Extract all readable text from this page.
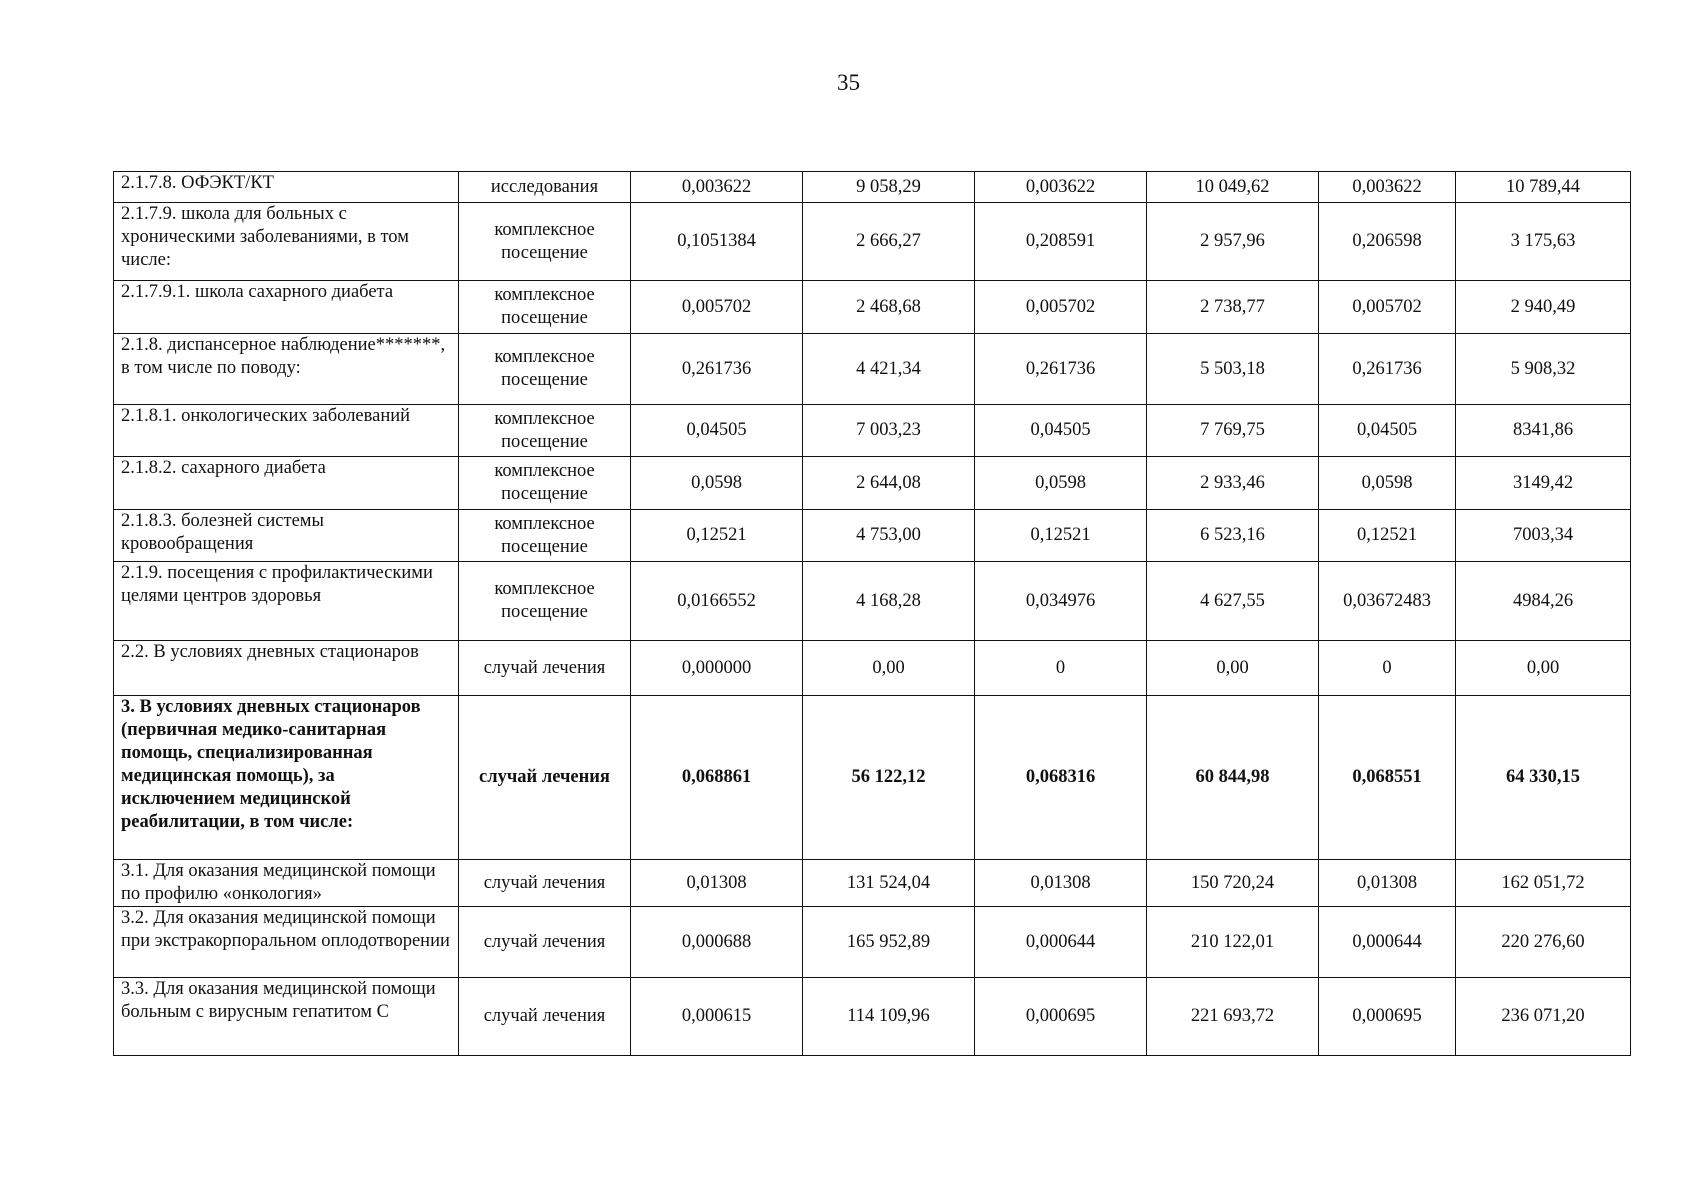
35
2.1.7.8. ОФЭКТ/КТ	исследования	0,003622	9 058,29	0,003622	10 049,62	0,003622	10 789,44
2.1.7.9. школа для больных с хроническими заболеваниями, в том числе:	комплексное посещение	0,1051384	2 666,27	0,208591	2 957,96	0,206598	3 175,63
2.1.7.9.1. школа сахарного диабета	комплексное посещение	0,005702	2 468,68	0,005702	2 738,77	0,005702	2 940,49
2.1.8. диспансерное наблюдение*******, в том числе по поводу:	комплексное посещение	0,261736	4 421,34	0,261736	5 503,18	0,261736	5 908,32
2.1.8.1. онкологических заболеваний	комплексное посещение	0,04505	7 003,23	0,04505	7 769,75	0,04505	8341,86
2.1.8.2. сахарного диабета	комплексное посещение	0,0598	2 644,08	0,0598	2 933,46	0,0598	3149,42
2.1.8.3. болезней системы кровообращения	комплексное посещение	0,12521	4 753,00	0,12521	6 523,16	0,12521	7003,34
2.1.9. посещения с профилактическими целями центров здоровья	комплексное посещение	0,0166552	4 168,28	0,034976	4 627,55	0,03672483	4984,26
2.2. В условиях дневных стационаров	случай лечения	0,000000	0,00	0	0,00	0	0,00
3. В условиях дневных стационаров (первичная медико-санитарная помощь, специализированная медицинская помощь), за исключением медицинской реабилитации, в том числе:	случай лечения	0,068861	56 122,12	0,068316	60 844,98	0,068551	64 330,15
3.1. Для оказания медицинской помощи по профилю «онкология»	случай лечения	0,01308	131 524,04	0,01308	150 720,24	0,01308	162 051,72
3.2. Для оказания медицинской помощи при экстракорпоральном оплодотворении	случай лечения	0,000688	165 952,89	0,000644	210 122,01	0,000644	220 276,60
3.3. Для оказания медицинской помощи больным с вирусным гепатитом С	случай лечения	0,000615	114 109,96	0,000695	221 693,72	0,000695	236 071,20
